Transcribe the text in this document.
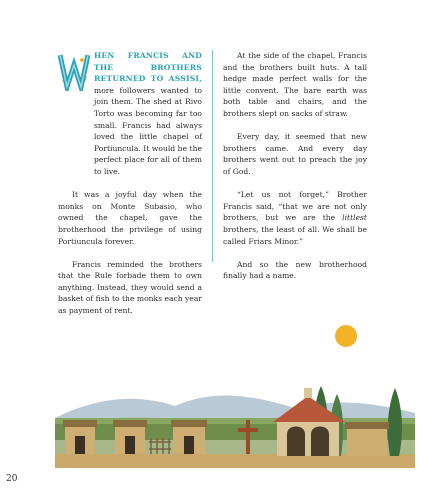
HEN FRANCIS AND THE BROTHERS RETURNED TO ASSISI, more followers wanted to join them. The shed at Rivo Torto was becoming far too small. Francis had always loved the little chapel of Portiuncula. It would be the perfect place for all of them to live.

It was a joyful day when the monks on Monte Subasio, who owned the chapel, gave the brotherhood the privilege of using Portiuncula forever.

Francis reminded the brothers that the Rule forbade them to own anything. Instead, they would send a basket of fish to the monks each year as payment of rent.

At the side of the chapel, Francis and the brothers built huts. A tall hedge made perfect walls for the little convent. The bare earth was both table and chairs, and the brothers slept on sacks of straw.

Every day, it seemed that new brothers came. And every day brothers went out to preach the joy of God.

“Let us not forget,” Brother Francis said, “that we are not only brothers, but we are the littlest brothers, the least of all. We shall be called Friars Minor.”

And so the new brotherhood finally had a name.

20
